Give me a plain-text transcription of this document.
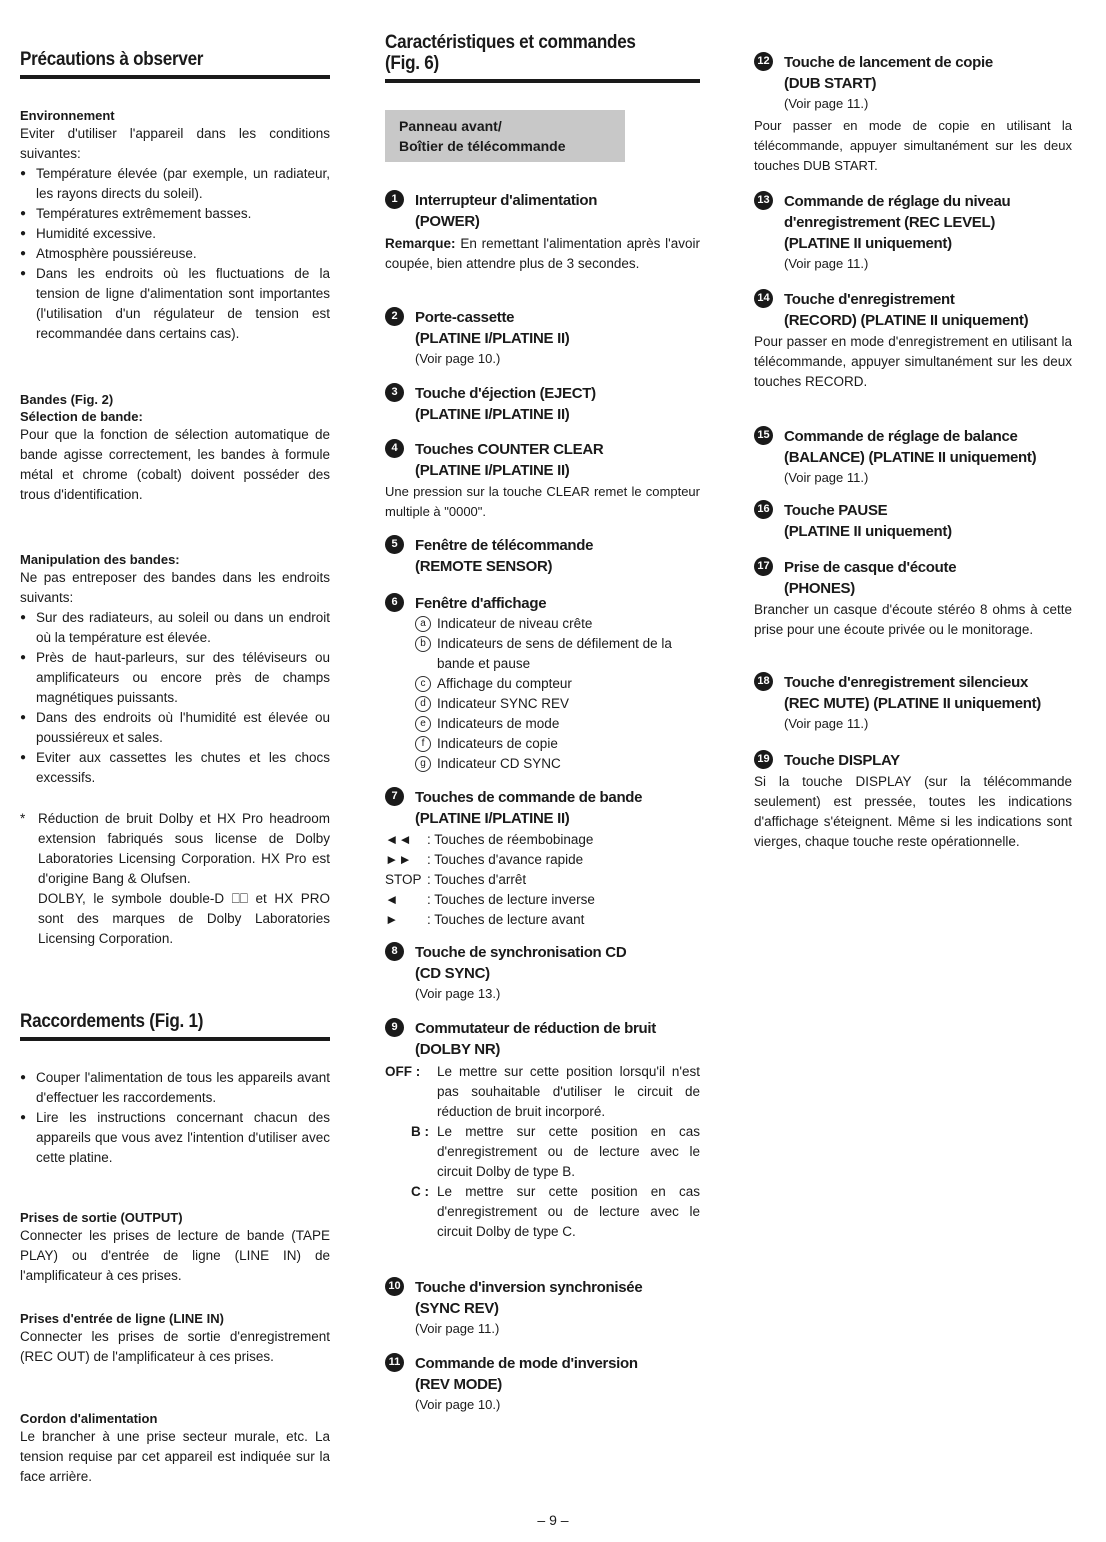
Précautions à observer

Environnement

Eviter d'utiliser l'appareil dans les conditions suivantes:

● Température élevée (par exemple, un radiateur, les rayons directs du soleil).
● Températures extrêmement basses.
● Humidité excessive.
● Atmosphère poussiéreuse.
● Dans les endroits où les fluctuations de la tension de ligne d'alimentation sont importantes (l'utilisation d'un régulateur de tension est recommandée dans certains cas).

Bandes (Fig. 2)

Sélection de bande:

Pour que la fonction de sélection automatique de bande agisse correctement, les bandes à formule métal et chrome (cobalt) doivent posséder des trous d'identification.

Manipulation des bandes:

Ne pas entreposer des bandes dans les endroits suivants:

● Sur des radiateurs, au soleil ou dans un endroit où la température est élevée.
● Près de haut-parleurs, sur des téléviseurs ou amplificateurs ou encore près de champs magnétiques puissants.
● Dans des endroits où l'humidité est élevée ou poussiéreux et sales.
● Eviter aux cassettes les chutes et les chocs excessifs.
* Réduction de bruit Dolby et HX Pro headroom extension fabriqués sous license de Dolby Laboratories Licensing Corporation. HX Pro est d'origine Bang & Olufsen.

DOLBY, le symbole double-D ⎕⎕ et HX PRO sont des marques de Dolby Laboratories Licensing Corporation.

Raccordements (Fig. 1)
● Couper l'alimentation de tous les appareils avant d'effectuer les raccordements.
● Lire les instructions concernant chacun des appareils que vous avez l'intention d'utiliser avec cette platine.

Prises de sortie (OUTPUT)

Connecter les prises de lecture de bande (TAPE PLAY) ou d'entrée de ligne (LINE IN) de l'amplificateur à ces prises.

Prises d'entrée de ligne (LINE IN)

Connecter les prises de sortie d'enregistrement (REC OUT) de l'amplificateur à ces prises.

Cordon d'alimentation

Le brancher à une prise secteur murale, etc. La tension requise par cet appareil est indiquée sur la face arrière.

Caractéristiques et commandes
(Fig. 6)
Panneau avant/
Boîtier de télécommande
1	Interrupteur d'alimentation
(POWER)

Remarque: En remettant l'alimentation après l'avoir coupée, bien attendre plus de 3 secondes.

2	Porte-cassette
(PLATINE I/PLATINE II)
(Voir page 10.)
3	Touche d'éjection (EJECT)
(PLATINE I/PLATINE II)
4	Touches COUNTER CLEAR
(PLATINE I/PLATINE II)

Une pression sur la touche CLEAR remet le compteur multiple à "0000".

5	Fenêtre de télécommande
(REMOTE SENSOR)
6	Fenêtre d'affichage
a Indicateur de niveau crête
b Indicateurs de sens de défilement de la bande et pause
c Affichage du compteur
d Indicateur SYNC REV
e Indicateurs de mode
f Indicateurs de copie
g Indicateur CD SYNC
7	Touches de commande de bande
(PLATINE I/PLATINE II)
◄◄	: Touches de réembobinage
►►	: Touches d'avance rapide
STOP : Touches d'arrêt
◄	: Touches de lecture inverse
►	: Touches de lecture avant
8	Touche de synchronisation CD
(CD SYNC)
(Voir page 13.)
9	Commutateur de réduction de bruit
(DOLBY NR)
OFF :	Le mettre sur cette position lorsqu'il n'est pas souhaitable d'utiliser le circuit de réduction de bruit incorporé.
B : Le mettre sur cette position en cas d'enregistrement ou de lecture avec le circuit Dolby de type B.
C : Le mettre sur cette position en cas d'enregistrement ou de lecture avec le circuit Dolby de type C.
10 Touche d'inversion synchronisée
(SYNC REV)
(Voir page 11.)
11 Commande de mode d'inversion
(REV MODE)
(Voir page 10.)
12 Touche de lancement de copie
(DUB START)
(Voir page 11.)

Pour passer en mode de copie en utilisant la télécommande, appuyer simultanément sur les deux touches DUB START.

13 Commande de réglage du niveau
d'enregistrement (REC LEVEL)
(PLATINE II uniquement)
(Voir page 11.)
14 Touche d'enregistrement
(RECORD) (PLATINE II uniquement)

Pour passer en mode d'enregistrement en utilisant la télécommande, appuyer simultanément sur les deux touches RECORD.

15 Commande de réglage de balance
(BALANCE) (PLATINE II uniquement)
(Voir page 11.)
16 Touche PAUSE
(PLATINE II uniquement)
17 Prise de casque d'écoute
(PHONES)

Brancher un casque d'écoute stéréo 8 ohms à cette prise pour une écoute privée ou le monitorage.

18 Touche d'enregistrement silencieux
(REC MUTE) (PLATINE II uniquement)
(Voir page 11.)
19 Touche DISPLAY

Si la touche DISPLAY (sur la télécommande seulement) est pressée, toutes les indications d'affichage s'éteignent. Même si les indications sont vierges, chaque touche reste opérationnelle.

– 9 –
